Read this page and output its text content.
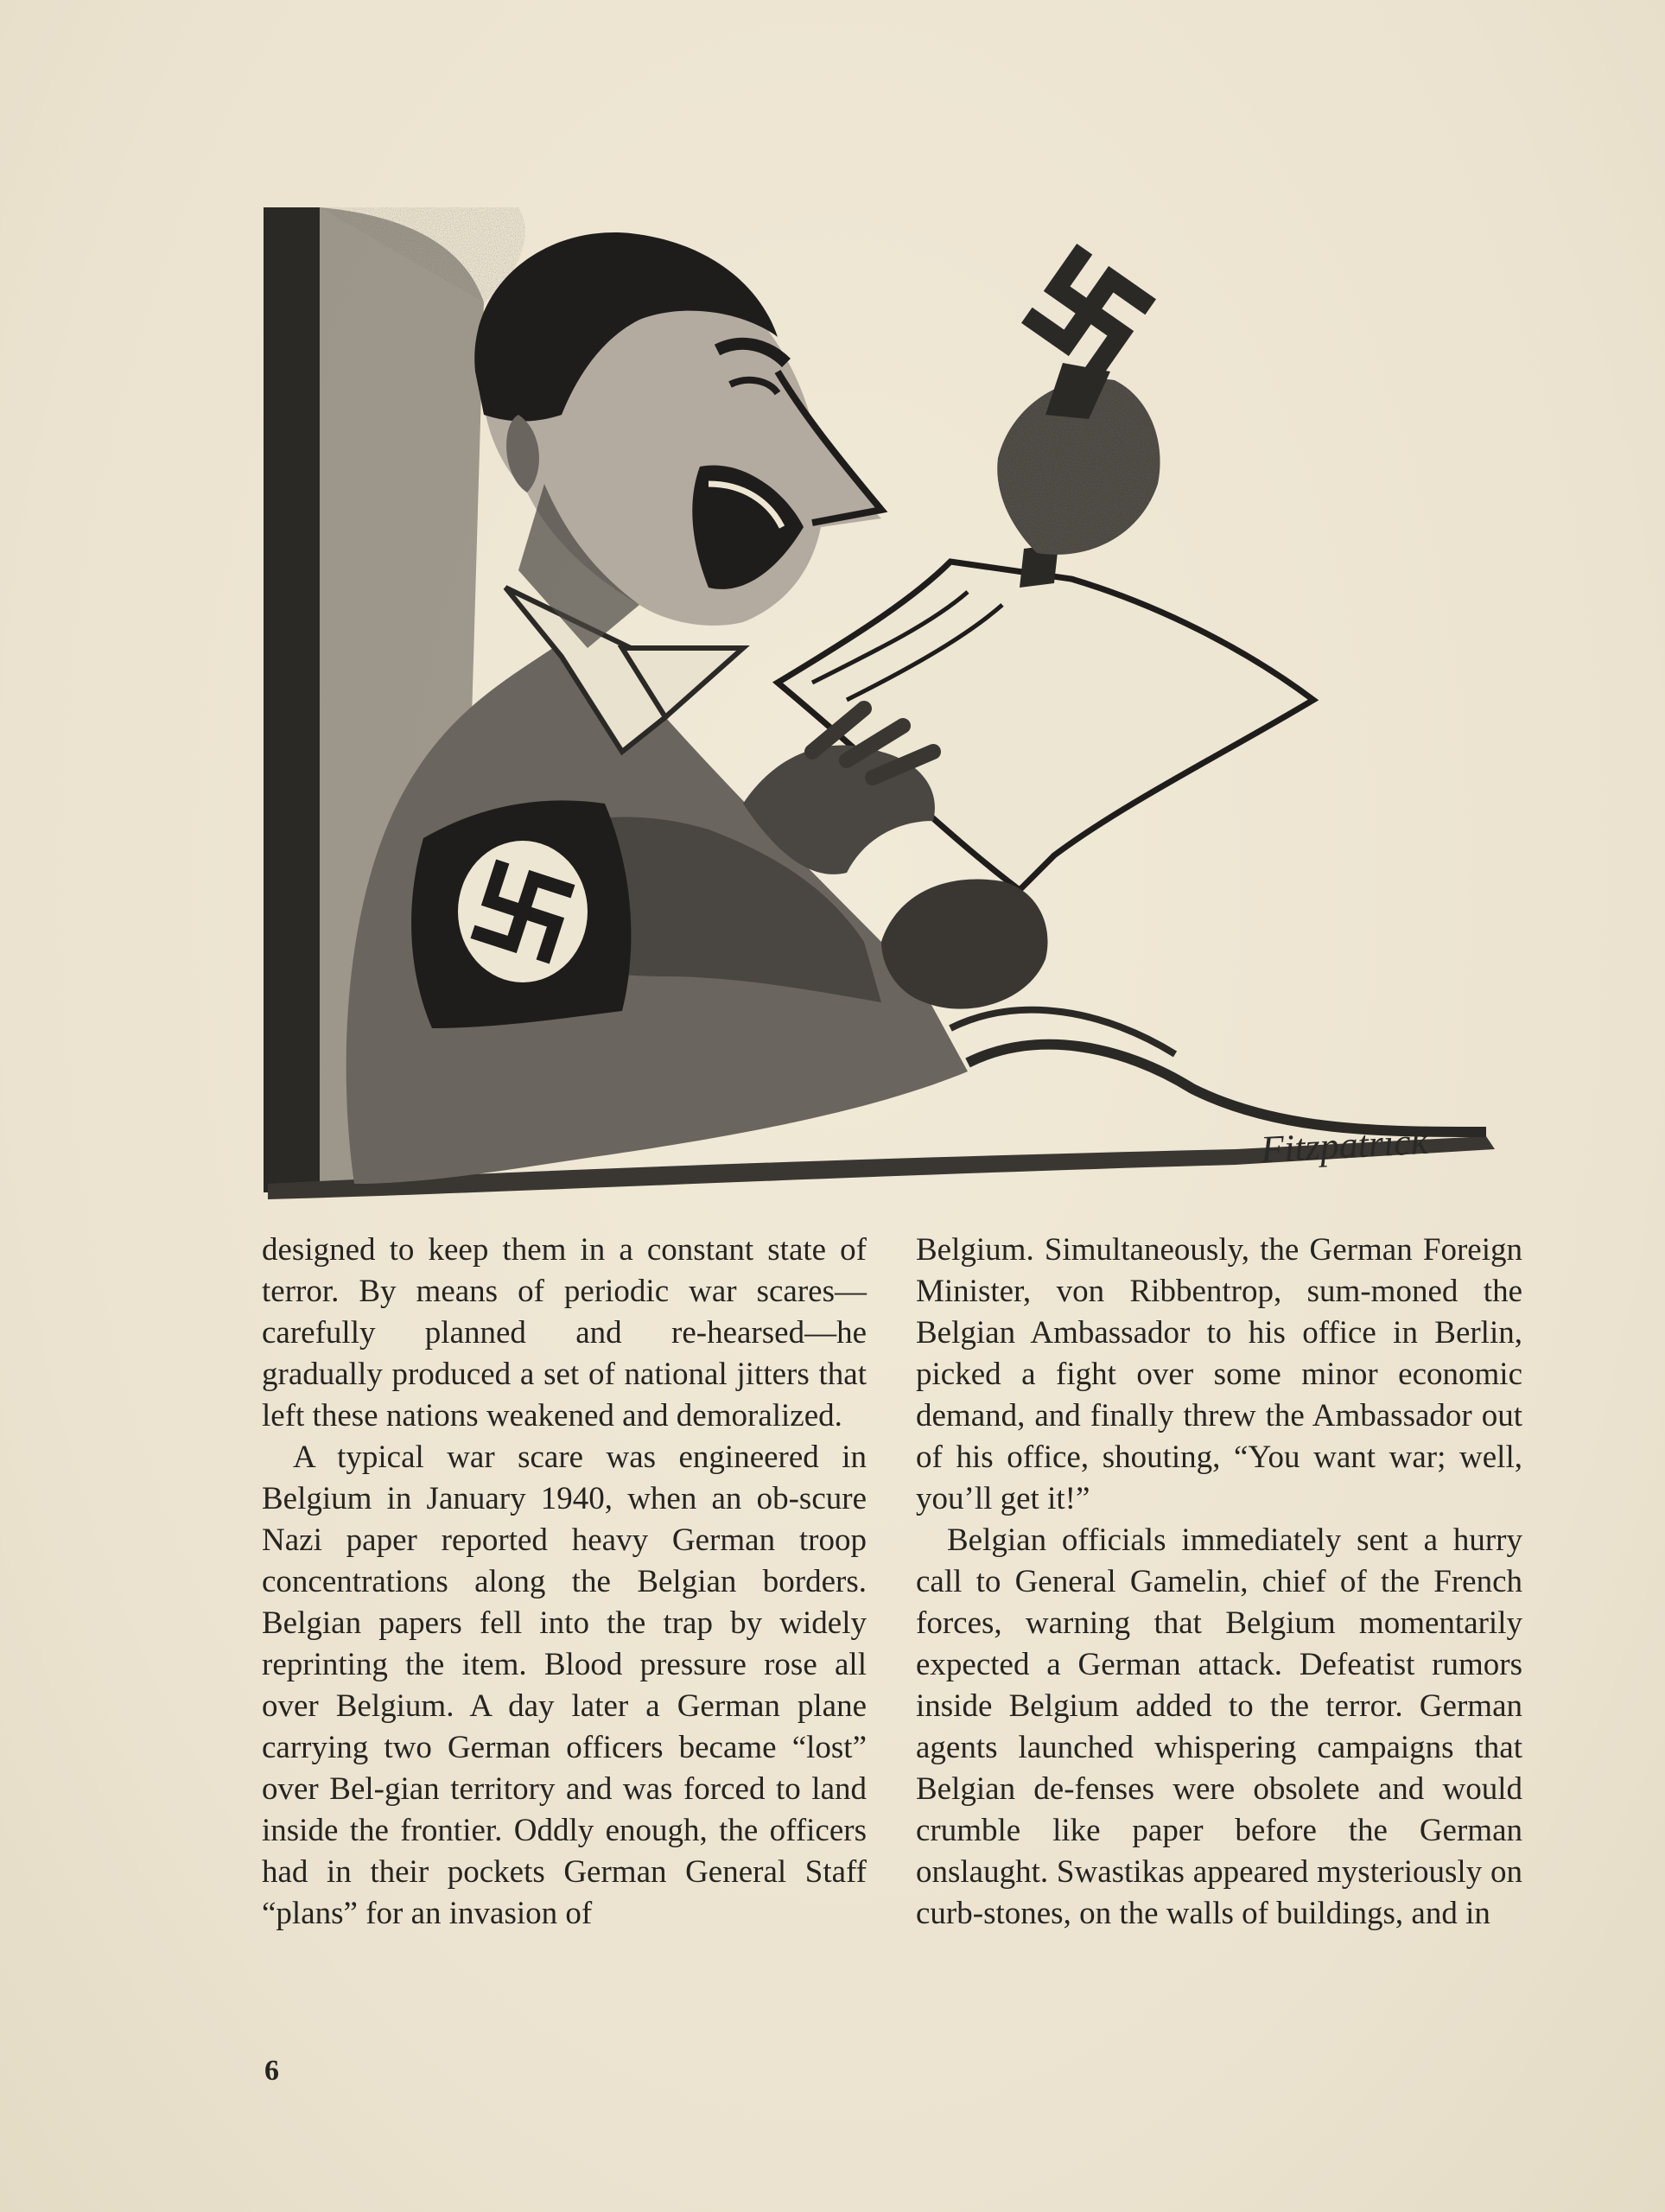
Fitzpatrick

designed to keep them in a constant state of terror. By means of periodic war scares—carefully planned and re-hearsed—he gradually produced a set of national jitters that left these nations weakened and demoralized.

A typical war scare was engineered in Belgium in January 1940, when an ob-scure Nazi paper reported heavy German troop concentrations along the Belgian borders. Belgian papers fell into the trap by widely reprinting the item. Blood pressure rose all over Belgium. A day later a German plane carrying two German officers became “lost” over Bel-gian territory and was forced to land inside the frontier. Oddly enough, the officers had in their pockets German General Staff “plans” for an invasion of

Belgium. Simultaneously, the German Foreign Minister, von Ribbentrop, sum-moned the Belgian Ambassador to his office in Berlin, picked a fight over some minor economic demand, and finally threw the Ambassador out of his office, shouting, “You want war; well, you’ll get it!”

Belgian officials immediately sent a hurry call to General Gamelin, chief of the French forces, warning that Belgium momentarily expected a German attack. Defeatist rumors inside Belgium added to the terror. German agents launched whispering campaigns that Belgian de-fenses were obsolete and would crumble like paper before the German onslaught. Swastikas appeared mysteriously on curb-stones, on the walls of buildings, and in

6
